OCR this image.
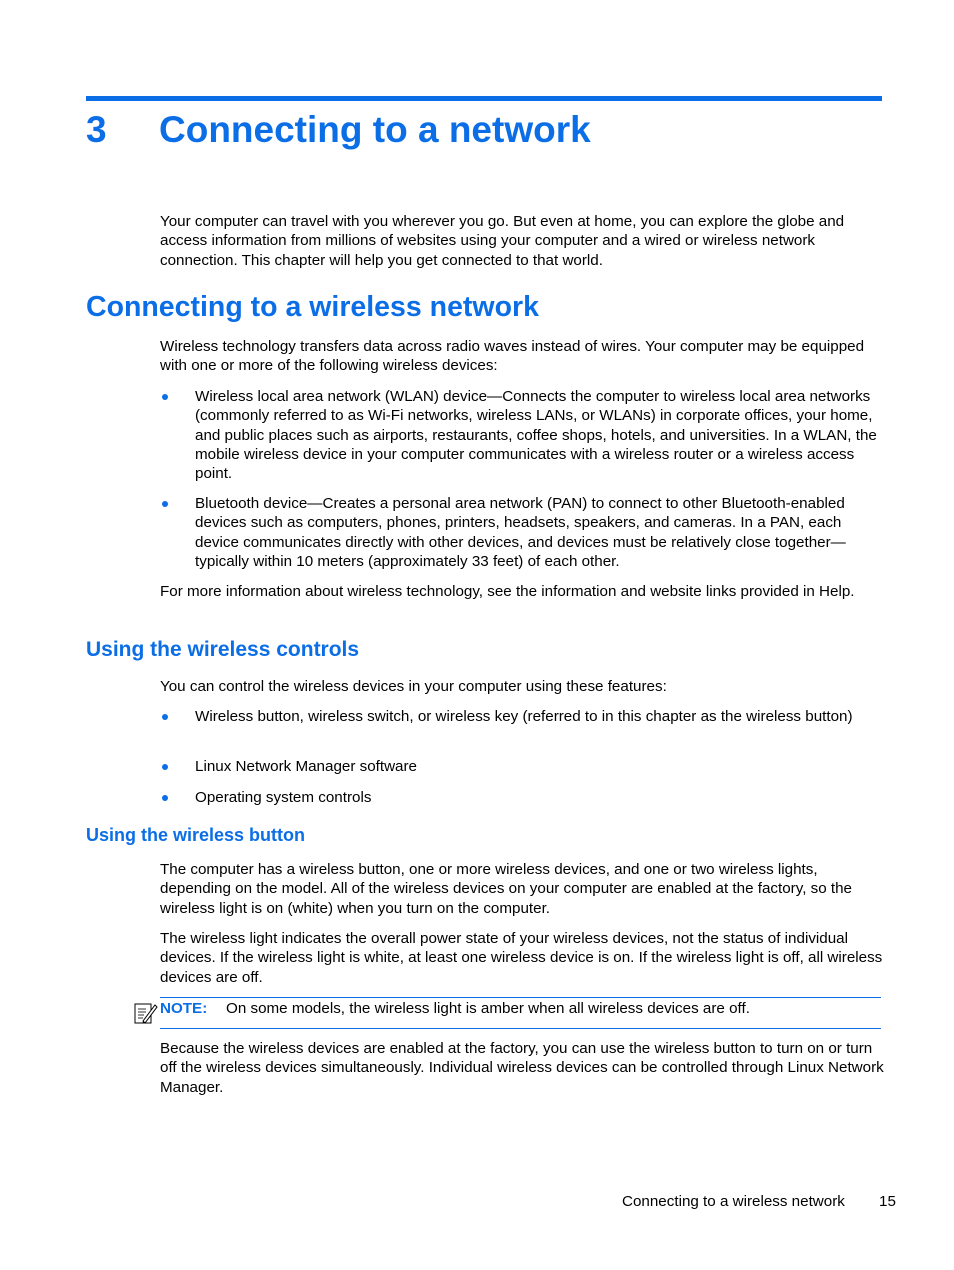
3 Connecting to a network

Your computer can travel with you wherever you go. But even at home, you can explore the globe and access information from millions of websites using your computer and a wired or wireless network connection. This chapter will help you get connected to that world.

Connecting to a wireless network

Wireless technology transfers data across radio waves instead of wires. Your computer may be equipped with one or more of the following wireless devices:

Wireless local area network (WLAN) device—Connects the computer to wireless local area networks (commonly referred to as Wi-Fi networks, wireless LANs, or WLANs) in corporate offices, your home, and public places such as airports, restaurants, coffee shops, hotels, and universities. In a WLAN, the mobile wireless device in your computer communicates with a wireless router or a wireless access point.
Bluetooth device—Creates a personal area network (PAN) to connect to other Bluetooth-enabled devices such as computers, phones, printers, headsets, speakers, and cameras. In a PAN, each device communicates directly with other devices, and devices must be relatively close together—typically within 10 meters (approximately 33 feet) of each other.

For more information about wireless technology, see the information and website links provided in Help.

Using the wireless controls

You can control the wireless devices in your computer using these features:

Wireless button, wireless switch, or wireless key (referred to in this chapter as the wireless button)
Linux Network Manager software
Operating system controls
Using the wireless button

The computer has a wireless button, one or more wireless devices, and one or two wireless lights, depending on the model. All of the wireless devices on your computer are enabled at the factory, so the wireless light is on (white) when you turn on the computer.

The wireless light indicates the overall power state of your wireless devices, not the status of individual devices. If the wireless light is white, at least one wireless device is on. If the wireless light is off, all wireless devices are off.

NOTE: On some models, the wireless light is amber when all wireless devices are off.

Because the wireless devices are enabled at the factory, you can use the wireless button to turn on or turn off the wireless devices simultaneously. Individual wireless devices can be controlled through Linux Network Manager.

Connecting to a wireless network 15
